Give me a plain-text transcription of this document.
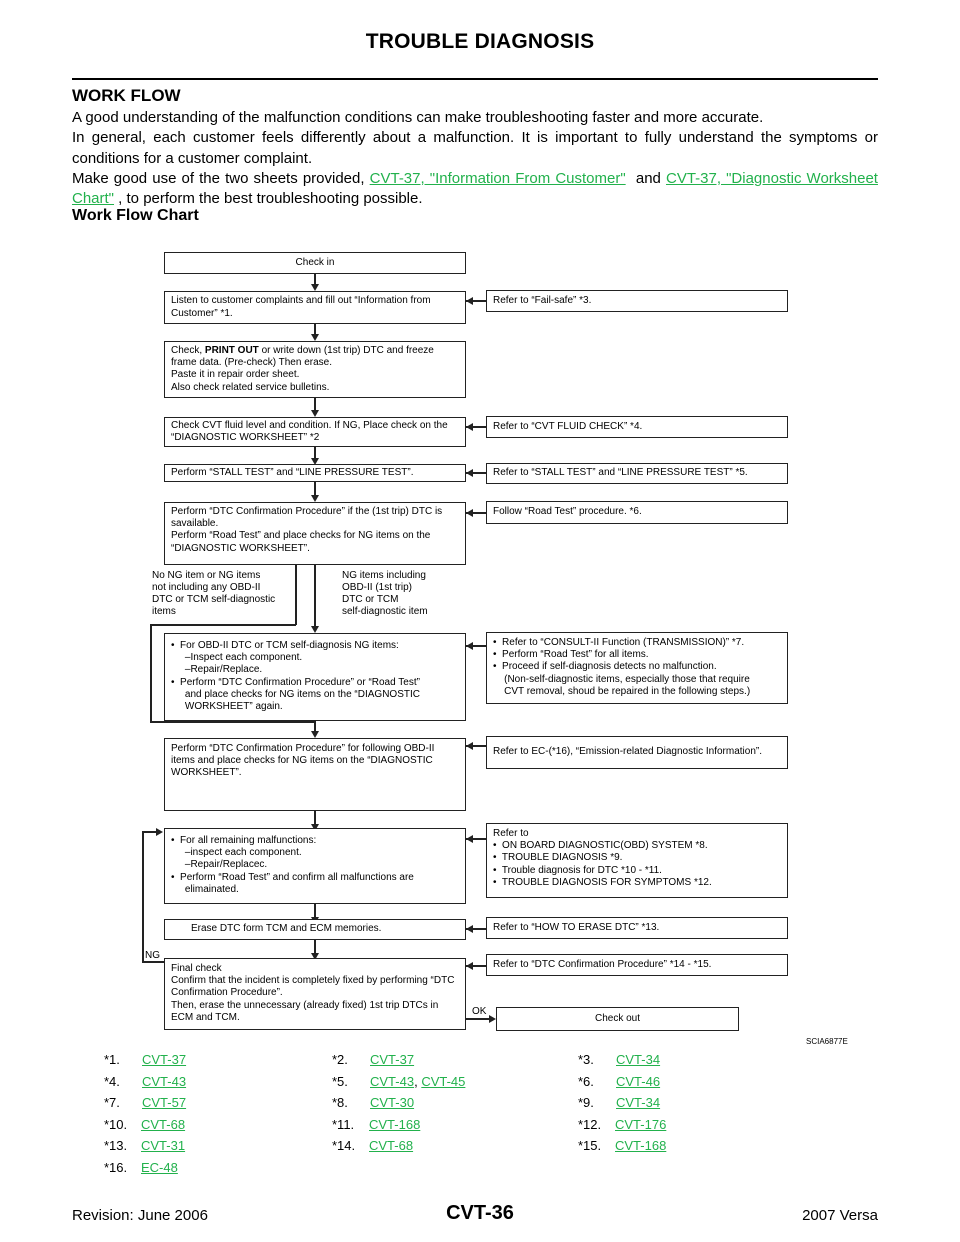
TROUBLE DIAGNOSIS
WORK FLOW

A good understanding of the malfunction conditions can make troubleshooting faster and more accurate.

In general, each customer feels differently about a malfunction. It is important to fully understand the symptoms or conditions for a customer complaint.

Make good use of the two sheets provided, CVT-37, "Information From Customer"  and CVT-37, "Diagnostic Worksheet Chart" , to perform the best troubleshooting possible.

Work Flow Chart
NG
OK
Check in
Listen to customer complaints and fill out “Information from Customer” *1.
Check, PRINT OUT or write down (1st trip) DTC and freeze frame data. (Pre-check) Then erase.
Paste it in repair order sheet.
Also check related service bulletins.
Check CVT fluid level and condition. If NG, Place check on the “DIAGNOSTIC WORKSHEET” *2
Perform “STALL TEST” and “LINE PRESSURE TEST”.
Perform “DTC Confirmation Procedure” if the (1st trip) DTC is savailable.
Perform “Road Test” and place checks for NG items on the “DIAGNOSTIC WORKSHEET”.
No NG item or NG items
not including any OBD-II
DTC or TCM self-diagnostic
items
NG items including
OBD-II (1st trip)
DTC or TCM
self-diagnostic item
•  For OBD-II DTC or TCM self-diagnosis NG items:
–Inspect each component.
–Repair/Replace.
•  Perform “DTC Confirmation Procedure” or “Road Test”
and place checks for NG items on the “DIAGNOSTIC
WORKSHEET” again.
Perform “DTC Confirmation Procedure” for following OBD-II items and place checks for NG items on the “DIAGNOSTIC WORKSHEET”.
•  For all remaining malfunctions:
–inspect each component.
–Repair/Replacec.
•  Perform “Road Test” and confirm all malfunctions are
elimainated.
Erase DTC form TCM and ECM memories.
Final check
Confirm that the incident is completely fixed by performing “DTC Confirmation Procedure”.
Then, erase the unnecessary (already fixed) 1st trip DTCs in ECM and TCM.	Check out
Refer to “Fail-safe” *3.
Refer to “CVT FLUID CHECK” *4.
Refer to “STALL TEST” and “LINE PRESSURE TEST” *5.
Follow “Road Test” procedure. *6.
•  Refer to “CONSULT-II Function (TRANSMISSION)” *7.
•  Perform “Road Test” for all items.
•  Proceed if self-diagnosis detects no malfunction.
(Non-self-diagnostic items, especially those that require
CVT removal, shoud be repaired in the following steps.)
Refer to EC-(*16), “Emission-related Diagnostic Information”.
Refer to
•  ON BOARD DIAGNOSTIC(OBD) SYSTEM *8.
•  TROUBLE DIAGNOSIS *9.
•  Trouble diagnosis for DTC *10 - *11.
•  TROUBLE DIAGNOSIS FOR SYMPTOMS *12.
Refer to “HOW TO ERASE DTC” *13.
Refer to “DTC Confirmation Procedure” *14 - *15.
SCIA6877E
*1. CVT-37	*2. CVT-37	*3. CVT-34
*4. CVT-43	*5. CVT-43, CVT-45	*6. CVT-46
*7. CVT-57	*8. CVT-30	*9. CVT-34
*10. CVT-68	*11. CVT-168	*12. CVT-176
*13. CVT-31	*14. CVT-68	*15. CVT-168
*16. EC-48
Revision: June 2006	CVT-36	2007 Versa
